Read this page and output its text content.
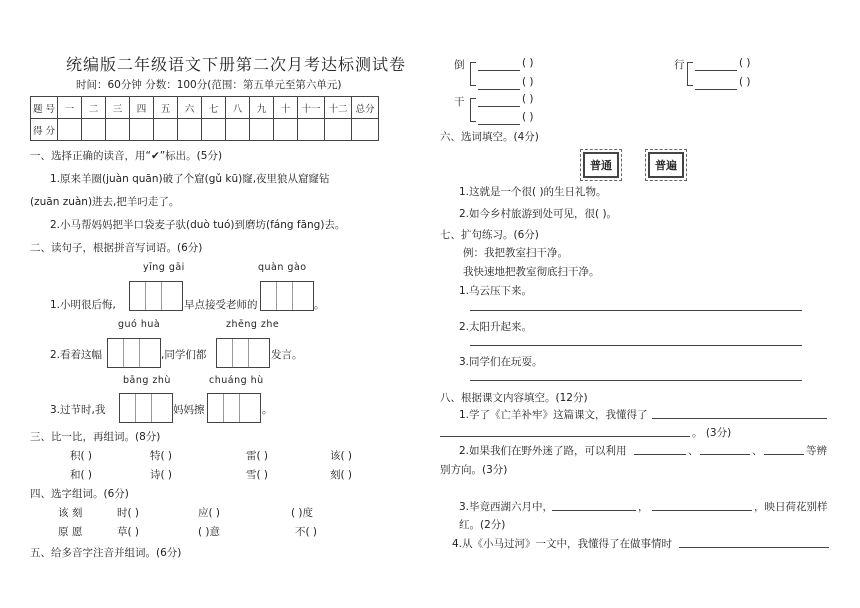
统编版二年级语文下册第二次月考达标测试卷
时间：60分钟 分数：100分(范围：第五单元至第六单元)
题 号	一	二	三	四	五	六	七	八	九	十	十一	十二	总分
得 分													
一、选择正确的读音，用“✔”标出。(5分)
1.原来羊圈(juàn quān)破了个窟(gǔ kū)窿,夜里狼从窟窿钻
(zuān zuàn)进去,把羊叼走了。
2.小马帮妈妈把半口袋麦子驮(duò tuó)到磨坊(fáng fāng)去。
二、读句子，根据拼音写词语。(6分)
yīng gāi	quàn gào
1.小明很后悔,	早点接受老师的	。
guó huà	zhēng zhe
2.看着这幅	,同学们都	发言。
bāng zhù	chuáng hù
3.过节时,我	妈妈擦	。
三、比一比，再组词。(8分)
积( )	特( )	雷( )	该( )
和( )	诗( )	雪( )	刻( )
四、选字组词。(6分)
该 刻	时( )	应( )	( )度
原 愿	草( )	( )意	不( )
五、给多音字注音并组词。(6分)
倒	( )
( )
行	( )
( )
干	( )
( )
六、选词填空。(4分)
普通	普遍
1.这就是一个很( )的生日礼物。
2.如今乡村旅游到处可见，很( )。
七、扩句练习。(6分)
例：我把教室扫干净。
我快速地把教室彻底扫干净。
1.乌云压下来。
2.太阳升起来。
3.同学们在玩耍。
八、根据课文内容填空。(12分)
1.学了《亡羊补牢》这篇课文，我懂得了
。 (3分)
2.如果我们在野外迷了路，可以利用	、	、	等辨
别方向。(3分)
3.毕竟西湖六月中，	，	，映日荷花别样
红。(2分)
4.从《小马过河》一文中，我懂得了在做事情时
